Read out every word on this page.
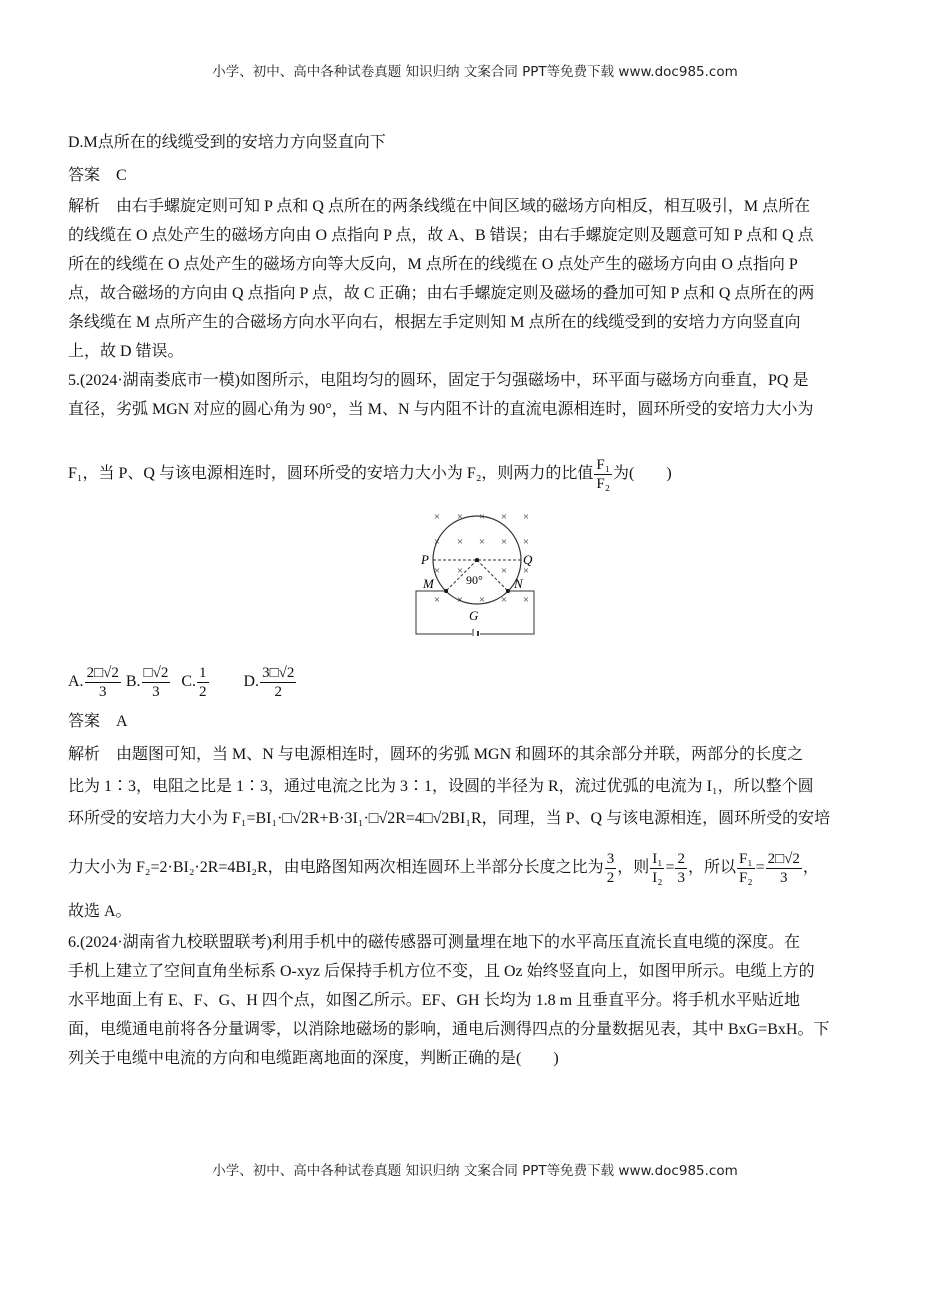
小学、初中、高中各种试卷真题 知识归纳 文案合同 PPT等免费下载 www.doc985.com
D.M点所在的线缆受到的安培力方向竖直向下
答案 C
解析 由右手螺旋定则可知 P 点和 Q 点所在的两条线缆在中间区域的磁场方向相反，相互吸引，M 点所在
的线缆在 O 点处产生的磁场方向由 O 点指向 P 点，故 A、B 错误；由右手螺旋定则及题意可知 P 点和 Q 点
所在的线缆在 O 点处产生的磁场方向等大反向，M 点所在的线缆在 O 点处产生的磁场方向由 O 点指向 P
点，故合磁场的方向由 Q 点指向 P 点，故 C 正确；由右手螺旋定则及磁场的叠加可知 P 点和 Q 点所在的两
条线缆在 M 点所产生的合磁场方向水平向右，根据左手定则知 M 点所在的线缆受到的安培力方向竖直向
上，故 D 错误。
5.(2024·湖南娄底市一模)如图所示，电阻均匀的圆环，固定于匀强磁场中，环平面与磁场方向垂直，PQ 是
直径，劣弧 MGN 对应的圆心角为 90°，当 M、N 与内阻不计的直流电源相连时，圆环所受的安培力大小为
F₁，当 P、Q 与该电源相连时，圆环所受的安培力大小为 F₂，则两力的比值 $\frac{\text{F₁}}{\text{F₂}}$ 为(　　)
× × × × ×
× × × × ×
× ×	× ×
× × × × ×
P	Q
M	N
G
90°
A. $\frac{2□√2}{3} B$. $\frac{□√2}{3} C$. $\frac{1}{2} D$. $\frac{3□√2}{2}$
答案 A
解析 由题图可知，当 M、N 与电源相连时，圆环的劣弧 MGN 和圆环的其余部分并联，两部分的长度之
比为 1∶3，电阻之比是 1∶3，通过电流之比为 3∶1，设圆的半径为 R，流过优弧的电流为 I₁，所以整个圆
环所受的安培力大小为 F₁=BI₁·□√2R+B·3I₁·□√2R=4□√2BI₁R，同理，当 P、Q 与该电源相连，圆环所受的安培
力大小为 F₂=2·BI₂·2R=4BI₂R，由电路图知两次相连圆环上半部分长度之比为 $\frac{3}{2}$ ，则 $\frac{\text{I₁}}{\text{I₂}} = \frac{2}{3}$ ，所以 $\frac{\text{F₁}}{\text{F₂}} = \frac{2□√2}{3}$ ，
故选 A。
6.(2024·湖南省九校联盟联考)利用手机中的磁传感器可测量埋在地下的水平高压直流长直电缆的深度。在
手机上建立了空间直角坐标系 O-xyz 后保持手机方位不变，且 Oz 始终竖直向上，如图甲所示。电缆上方的
水平地面上有 E、F、G、H 四个点，如图乙所示。EF、GH 长均为 1.8 m 且垂直平分。将手机水平贴近地
面，电缆通电前将各分量调零，以消除地磁场的影响，通电后测得四点的分量数据见表，其中 BxG=BxH。下
列关于电缆中电流的方向和电缆距离地面的深度，判断正确的是(　　)
小学、初中、高中各种试卷真题 知识归纳 文案合同 PPT等免费下载 www.doc985.com
